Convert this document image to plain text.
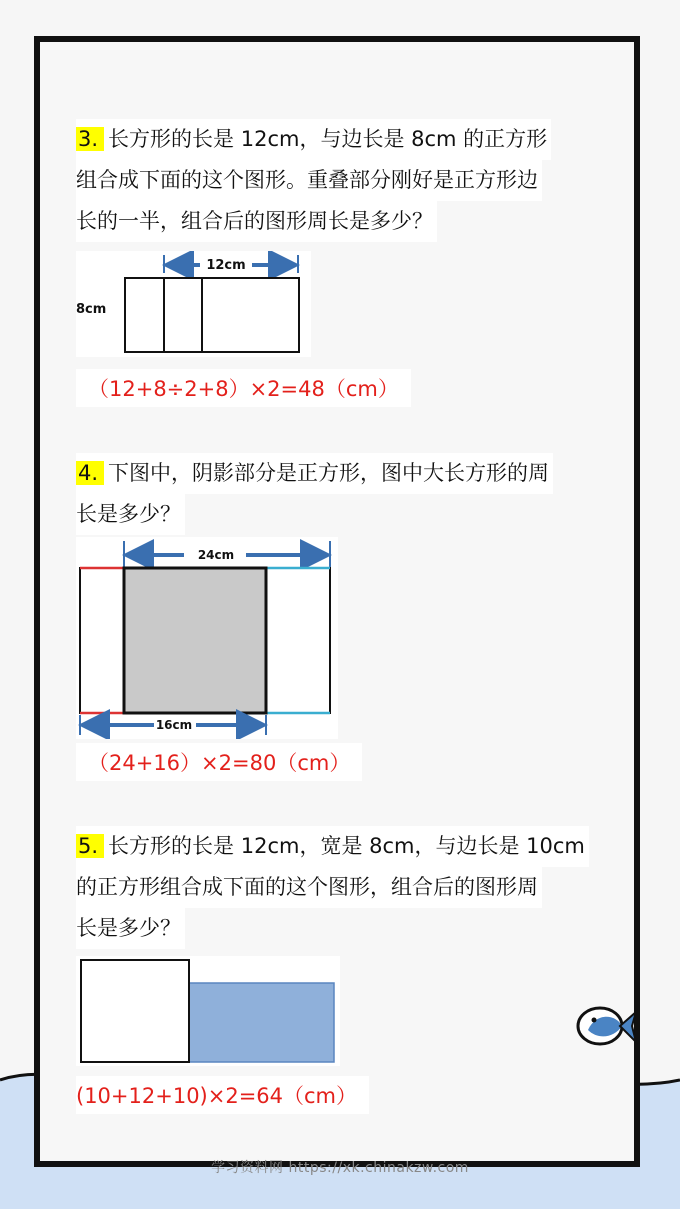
3. 长方形的长是 12cm，与边长是 8cm 的正方形
组合成下面的这个图形。重叠部分刚好是正方形边
长的一半，组合后的图形周长是多少？
12cm
8cm
（12+8÷2+8）×2=48（cm）
4. 下图中，阴影部分是正方形，图中大长方形的周
长是多少？
24cm
16cm
（24+16）×2=80（cm）
5. 长方形的长是 12cm，宽是 8cm，与边长是 10cm
的正方形组合成下面的这个图形，组合后的图形周
长是多少？
(10+12+10)×2=64（cm）
学习资料网 https://xk.chinakzw.com
